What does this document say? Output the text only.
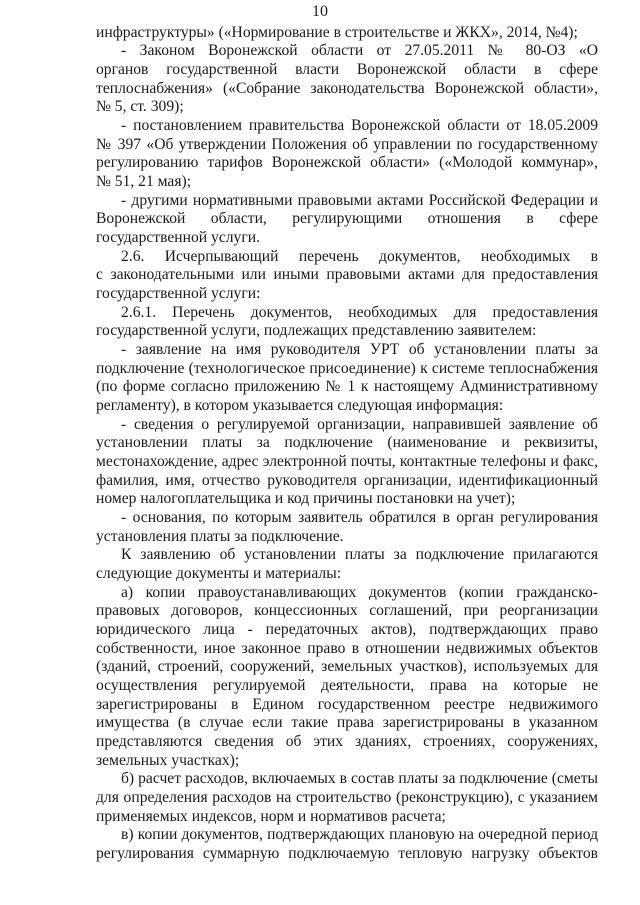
10
инфраструктуры» («Нормирование в строительстве и ЖКХ», 2014, №4);
- Законом Воронежской области от 27.05.2011 № 80-ОЗ «О
органов государственной власти Воронежской области в сфере
теплоснабжения» («Собрание законодательства Воронежской области»,
№ 5, ст. 309);
- постановлением правительства Воронежской области от 18.05.2009
№ 397 «Об утверждении Положения об управлении по государственному
регулированию тарифов Воронежской области» («Молодой коммунар»,
№ 51, 21 мая);
- другими нормативными правовыми актами Российской Федерации и
Воронежской области, регулирующими отношения в сфере
государственной услуги.
2.6. Исчерпывающий перечень документов, необходимых в
с законодательными или иными правовыми актами для предоставления
государственной услуги:
2.6.1. Перечень документов, необходимых для предоставления
государственной услуги, подлежащих представлению заявителем:
- заявление на имя руководителя УРТ об установлении платы за
подключение (технологическое присоединение) к системе теплоснабжения
(по форме согласно приложению № 1 к настоящему Административному
регламенту), в котором указывается следующая информация:
- сведения о регулируемой организации, направившей заявление об
установлении платы за подключение (наименование и реквизиты,
местонахождение, адрес электронной почты, контактные телефоны и факс,
фамилия, имя, отчество руководителя организации, идентификационный
номер налогоплательщика и код причины постановки на учет);
- основания, по которым заявитель обратился в орган регулирования
установления платы за подключение.
К заявлению об установлении платы за подключение прилагаются
следующие документы и материалы:
а) копии правоустанавливающих документов (копии гражданско-
правовых договоров, концессионных соглашений, при реорганизации
юридического лица - передаточных актов), подтверждающих право
собственности, иное законное право в отношении недвижимых объектов
(зданий, строений, сооружений, земельных участков), используемых для
осуществления регулируемой деятельности, права на которые не
зарегистрированы в Едином государственном реестре недвижимого
имущества (в случае если такие права зарегистрированы в указанном
представляются сведения об этих зданиях, строениях, сооружениях,
земельных участках);
б) расчет расходов, включаемых в состав платы за подключение (сметы
для определения расходов на строительство (реконструкцию), с указанием
применяемых индексов, норм и нормативов расчета;
в) копии документов, подтверждающих плановую на очередной период
регулирования суммарную подключаемую тепловую нагрузку объектов
